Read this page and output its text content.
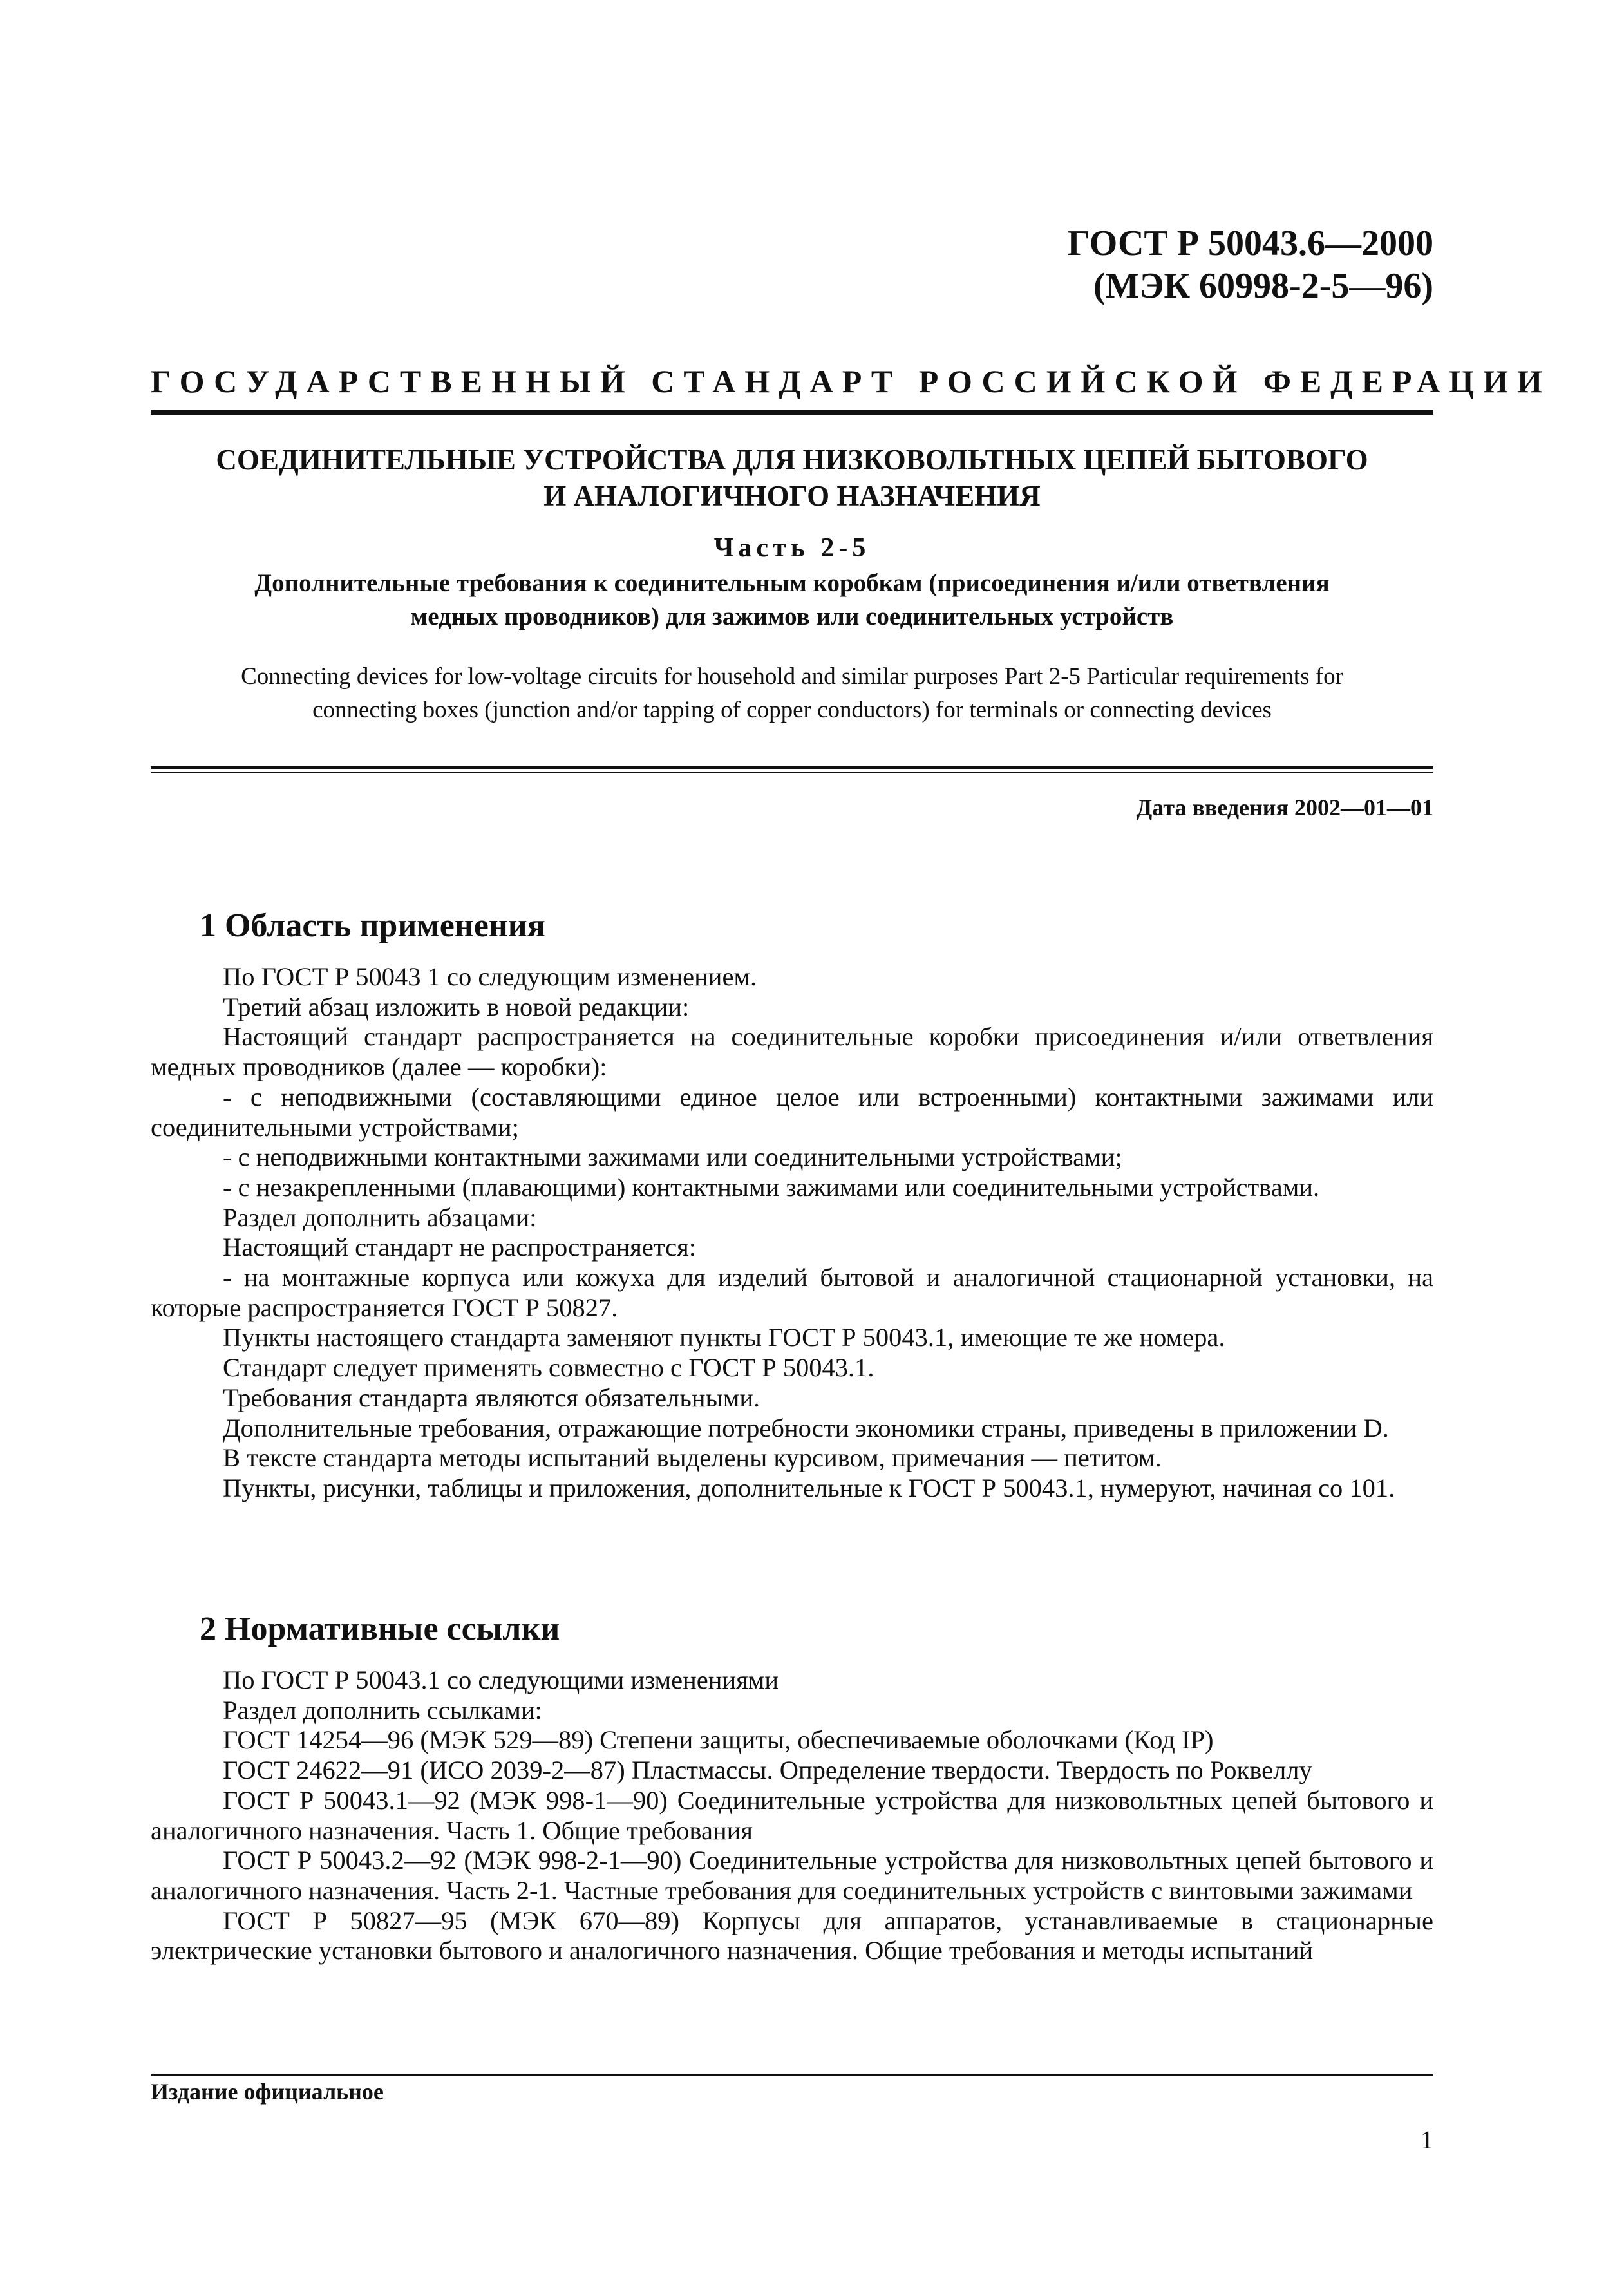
ГОСТ Р 50043.6—2000
(МЭК 60998-2-5—96)
ГОСУДАРСТВЕННЫЙ СТАНДАРТ РОССИЙСКОЙ ФЕДЕРАЦИИ
СОЕДИНИТЕЛЬНЫЕ УСТРОЙСТВА ДЛЯ НИЗКОВОЛЬТНЫХ ЦЕПЕЙ БЫТОВОГО
И АНАЛОГИЧНОГО НАЗНАЧЕНИЯ
Часть 2-5
Дополнительные требования к соединительным коробкам (присоединения и/или ответвления
медных проводников) для зажимов или соединительных устройств
Connectіng devіces for low-voltage cіrcuіts for household and sіmіlar purposes Part 2-5 Partіcular requіrements for
connectіng boxes (junctіon and/or tappіng of copper conductors) for termіnals or connectіng devіces
Дата введения 2002—01—01
1 Область применения
По ГОСТ Р 50043 1 со следующим изменением.
Третий абзац изложить в новой редакции:
Настоящий стандарт распространяется на соединительные коробки присоединения и/или ответвления медных проводников (далее — коробки):
- с неподвижными (составляющими единое целое или встроенными) контактными зажимами или соединительными устройствами;
- с неподвижными контактными зажимами или соединительными устройствами;
- с незакрепленными (плавающими) контактными зажимами или соединительными устройствами.
Раздел дополнить абзацами:
Настоящий стандарт не распространяется:
- на монтажные корпуса или кожуха для изделий бытовой и аналогичной стационарной установки, на которые распространяется ГОСТ Р 50827.
Пункты настоящего стандарта заменяют пункты ГОСТ Р 50043.1, имеющие те же номера.
Стандарт следует применять совместно с ГОСТ Р 50043.1.
Требования стандарта являются обязательными.
Дополнительные требования, отражающие потребности экономики страны, приведены в приложении D.
В тексте стандарта методы испытаний выделены курсивом, примечания — петитом.
Пункты, рисунки, таблицы и приложения, дополнительные к ГОСТ Р 50043.1, нумеруют, начиная со 101.
2 Нормативные ссылки
По ГОСТ Р 50043.1 со следующими изменениями
Раздел дополнить ссылками:
ГОСТ 14254—96 (МЭК 529—89) Степени защиты, обеспечиваемые оболочками (Код IP)
ГОСТ 24622—91 (ИСО 2039-2—87) Пластмассы. Определение твердости. Твердость по Роквеллу
ГОСТ Р 50043.1—92 (МЭК 998-1—90) Соединительные устройства для низковольтных цепей бытового и аналогичного назначения. Часть 1. Общие требования
ГОСТ Р 50043.2—92 (МЭК 998-2-1—90) Соединительные устройства для низковольтных цепей бытового и аналогичного назначения. Часть 2-1. Частные требования для соединительных устройств с винтовыми зажимами
ГОСТ Р 50827—95 (МЭК 670—89) Корпусы для аппаратов, устанавливаемые в стационарные электрические установки бытового и аналогичного назначения. Общие требования и методы испытаний
Издание официальное
1
